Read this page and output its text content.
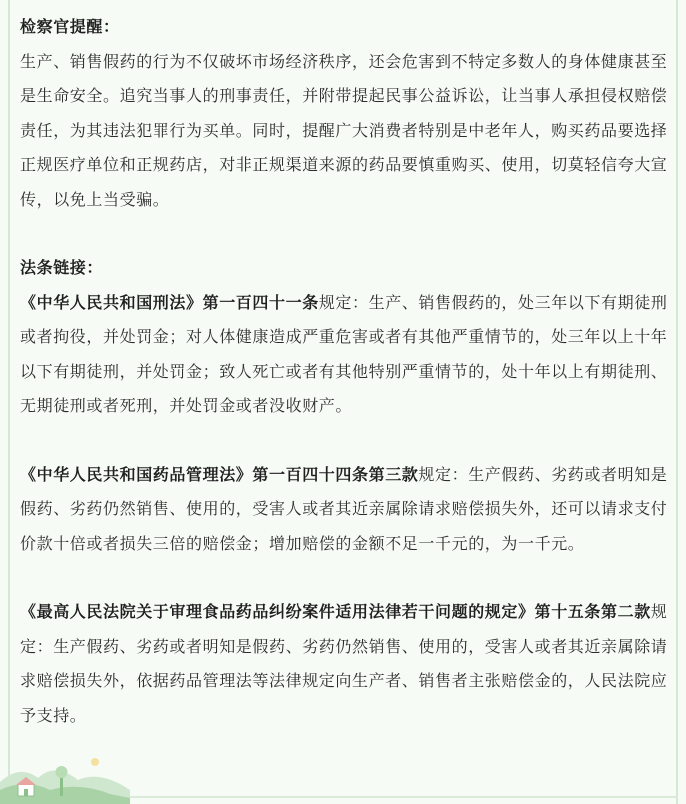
检察官提醒：

生产、销售假药的行为不仅破坏市场经济秩序，还会危害到不特定多数人的身体健康甚至是生命安全。追究当事人的刑事责任，并附带提起民事公益诉讼，让当事人承担侵权赔偿责任，为其违法犯罪行为买单。同时，提醒广大消费者特别是中老年人，购买药品要选择正规医疗单位和正规药店，对非正规渠道来源的药品要慎重购买、使用，切莫轻信夸大宣传，以免上当受骗。

法条链接：

《中华人民共和国刑法》第一百四十一条规定：生产、销售假药的，处三年以下有期徒刑或者拘役，并处罚金；对人体健康造成严重危害或者有其他严重情节的，处三年以上十年以下有期徒刑，并处罚金；致人死亡或者有其他特别严重情节的，处十年以上有期徒刑、无期徒刑或者死刑，并处罚金或者没收财产。

《中华人民共和国药品管理法》第一百四十四条第三款规定：生产假药、劣药或者明知是假药、劣药仍然销售、使用的，受害人或者其近亲属除请求赔偿损失外，还可以请求支付价款十倍或者损失三倍的赔偿金；增加赔偿的金额不足一千元的，为一千元。

《最高人民法院关于审理食品药品纠纷案件适用法律若干问题的规定》第十五条第二款规定：生产假药、劣药或者明知是假药、劣药仍然销售、使用的，受害人或者其近亲属除请求赔偿损失外，依据药品管理法等法律规定向生产者、销售者主张赔偿金的，人民法院应予支持。
